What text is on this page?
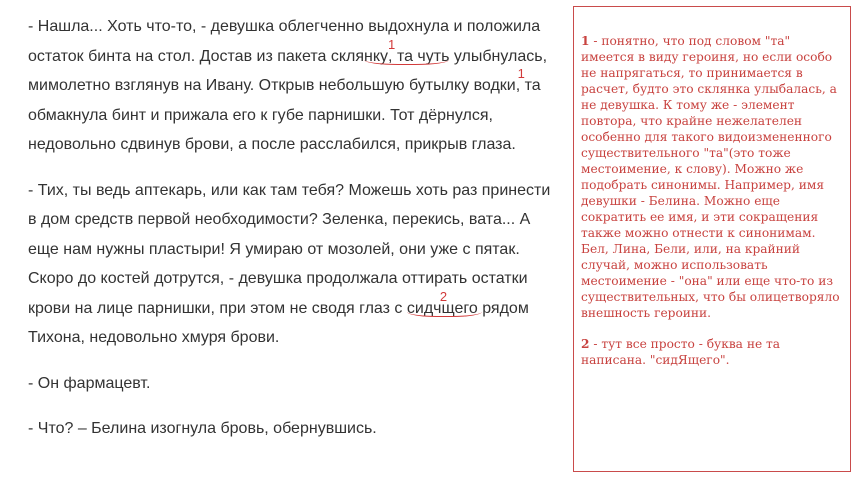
- Нашла... Хоть что-то, - девушка облегченно выдохнула и положила остаток бинта на стол. Достав из пакета склянку
1
, та чуть
улыбнулась, мимолетно взглянув на Ивану. Открыв небольшую бутылку водки
1
, та обма
кнула бинт и прижала его к губе парнишки. Тот дёрнулся, недовольно сдвинув брови, а после расслабился, прикрыв глаза.

- Тих, ты ведь аптекарь, или как там тебя? Можешь хоть раз принести в дом средств первой необходимости? Зеленка, перекись, вата... А еще нам нужны пластыри! Я умираю от мозолей, они уже с пятак. Скоро до костей дотрутся, - девушка продолжала оттирать остатки крови на лице парнишки, при этом не сводя глаз с сидч
2
щего
рядом Тихона, недовольно хмуря брови.

- Он фармацевт.

- Что? – Белина изогнула бровь, обернувшись.

1 - понятно, что под словом "та" имеется в виду героиня, но если особо не напрягаться, то принимается в расчет, будто это склянка улыбалась, а не девушка. К тому же - элемент повтора, что крайне нежелателен особенно для такого видоизмененного существительного "та"(это тоже местоимение, к слову). Можно же подобрать синонимы. Например, имя девушки - Белина. Можно еще сократить ее имя, и эти сокращения также можно отнести к синонимам. Бел, Лина, Бели, или, на крайний случай, можно использовать местоимение - "она" или еще что-то из существительных, что бы олицетворяло внешность героини.

2 - тут все просто - буква не та написана. "сидЯщего".
